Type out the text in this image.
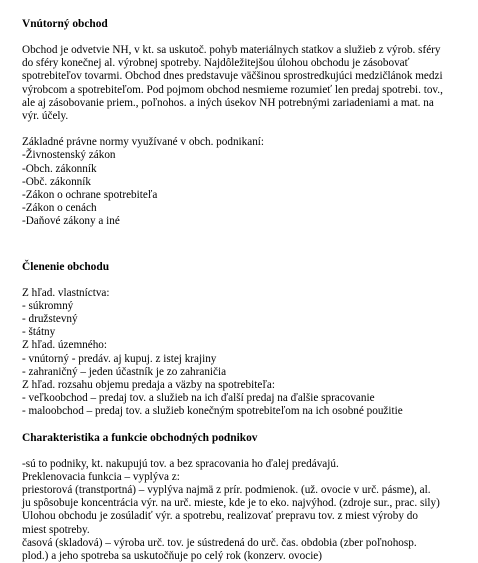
Vnútorný obchod
Obchod je odvetvie NH, v kt. sa uskutoč. pohyb materiálnych statkov a služieb z výrob. sféry
do sféry konečnej al. výrobnej spotreby. Najdôležitejšou úlohou obchodu je zásobovať
spotrebiteľov tovarmi. Obchod dnes predstavuje väčšinou sprostredkujúci medzičlánok medzi
výrobcom a spotrebiteľom. Pod pojmom obchod nesmieme rozumieť len predaj spotrebi. tov.,
ale aj zásobovanie priem., poľnohos. a iných úsekov NH potrebnými zariadeniami a mat. na
výr. účely.
Základné právne normy využívané v obch. podnikaní:
-Živnostenský zákon
-Obch. zákonník
-Obč. zákonník
-Zákon o ochrane spotrebiteľa
-Zákon o cenách
-Daňové zákony a iné
Členenie obchodu
Z hľad. vlastníctva:
- súkromný
- družstevný
- štátny
Z hľad. územného:
- vnútorný - predáv. aj kupuj. z istej krajiny
- zahraničný – jeden účastník je zo zahraničia
Z hľad. rozsahu objemu predaja a väzby na spotrebiteľa:
- veľkoobchod – predaj tov. a služieb na ich ďalší predaj na ďalšie spracovanie
- maloobchod – predaj tov. a služieb konečným spotrebiteľom na ich osobné použitie
Charakteristika a funkcie obchodných podnikov
-sú to podniky, kt. nakupujú tov. a bez spracovania ho ďalej predávajú.
Preklenovacia funkcia – vyplýva z:
priestorová (transtportná) – vyplýva najmä z prír. podmienok. (už. ovocie v urč. pásme), al.
ju spôsobuje koncentrácia výr. na urč. mieste, kde je to eko. najvýhod. (zdroje sur., prac. sily)
Ulohou obchodu je zosúladiť výr. a spotrebu, realizovať prepravu tov. z miest výroby do
miest spotreby.
časová (skladová) – výroba urč. tov. je sústredená do urč. čas. obdobia (zber poľnohosp.
plod.) a jeho spotreba sa uskutočňuje po celý rok (konzerv. ovocie)
